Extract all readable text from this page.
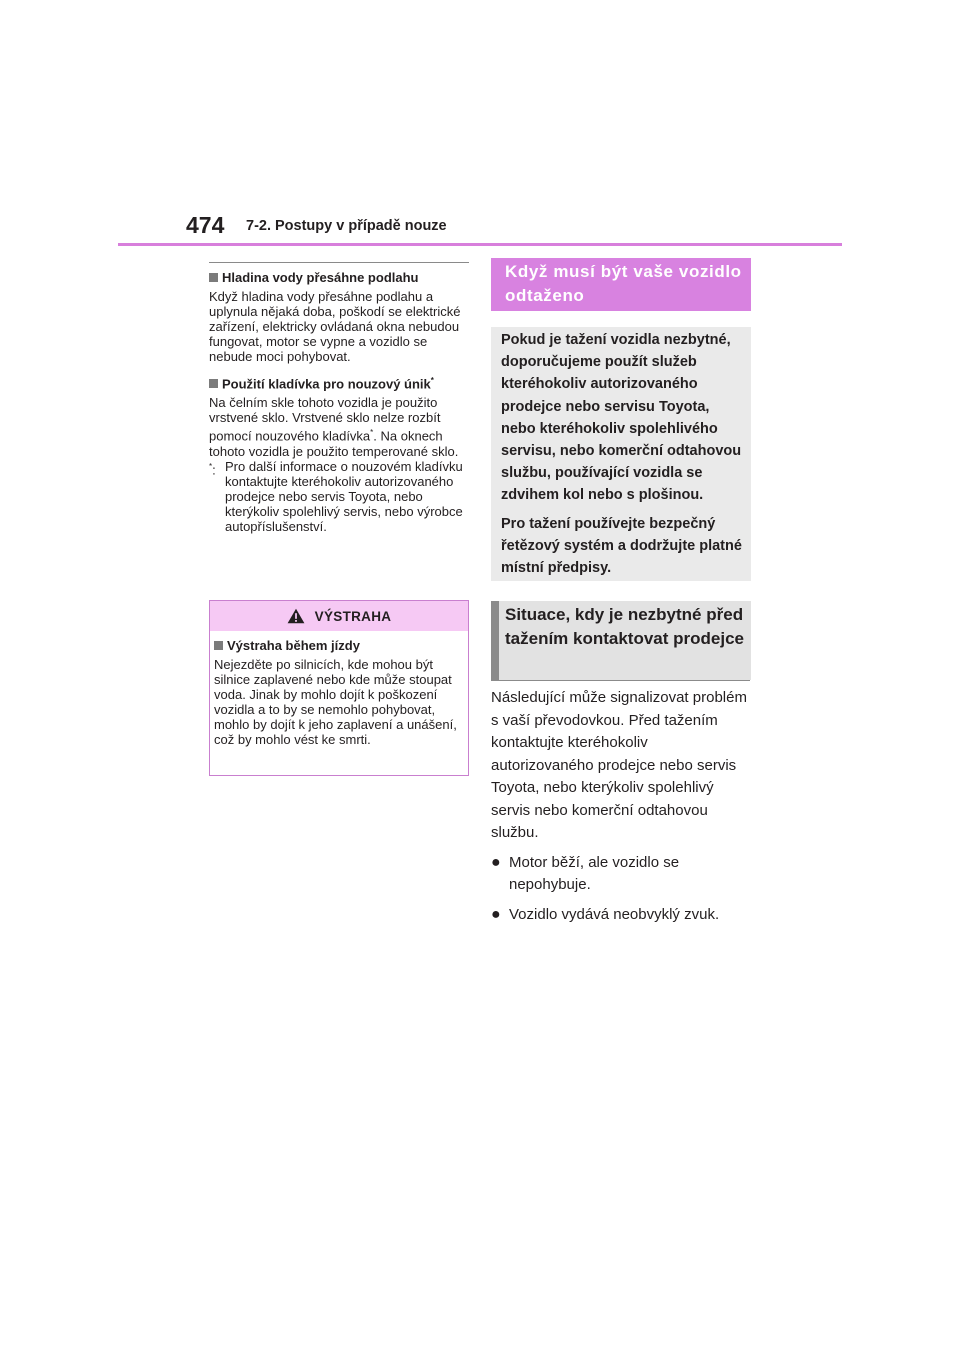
474 7-2. Postupy v případě nouze
Hladina vody přesáhne podlahu

Když hladina vody přesáhne podlahu a uplynula nějaká doba, poškodí se elektrické zařízení, elektricky ovládaná okna nebudou fungovat, motor se vypne a vozidlo se nebude moci pohybovat.

Použití kladívka pro nouzový únik*

Na čelním skle tohoto vozidla je použito vrstvené sklo. Vrstvené sklo nelze rozbít pomocí nouzového kladívka*. Na oknech tohoto vozidla je použito temperované sklo.

*: Pro další informace o nouzovém kladívku kontaktujte kteréhokoliv autorizovaného prodejce nebo servis Toyota, nebo kterýkoliv spolehlivý servis, nebo výrobce autopříslušenství.
VÝSTRAHA
Výstraha během jízdy

Nejezděte po silnicích, kde mohou být silnice zaplavené nebo kde může stoupat voda. Jinak by mohlo dojít k poškození vozidla a to by se nemohlo pohybovat, mohlo by dojít k jeho zaplavení a unášení, což by mohlo vést ke smrti.

Když musí být vaše vozidlo odtaženo

Pokud je tažení vozidla nezbytné, doporučujeme použít služeb kteréhokoliv autorizovaného prodejce nebo servisu Toyota, nebo kteréhokoliv spolehlivého servisu, nebo komerční odtahovou službu, používající vozidla se zdvihem kol nebo s plošinou.

Pro tažení používejte bezpečný řetězový systém a dodržujte platné místní předpisy.

Situace, kdy je nezbytné před tažením kontaktovat prodejce

Následující může signalizovat problém s vaší převodovkou. Před tažením kontaktujte kteréhokoliv autorizovaného prodejce nebo servis Toyota, nebo kterýkoliv spolehlivý servis nebo komerční odtahovou službu.

● Motor běží, ale vozidlo se nepohybuje.
● Vozidlo vydává neobvyklý zvuk.
